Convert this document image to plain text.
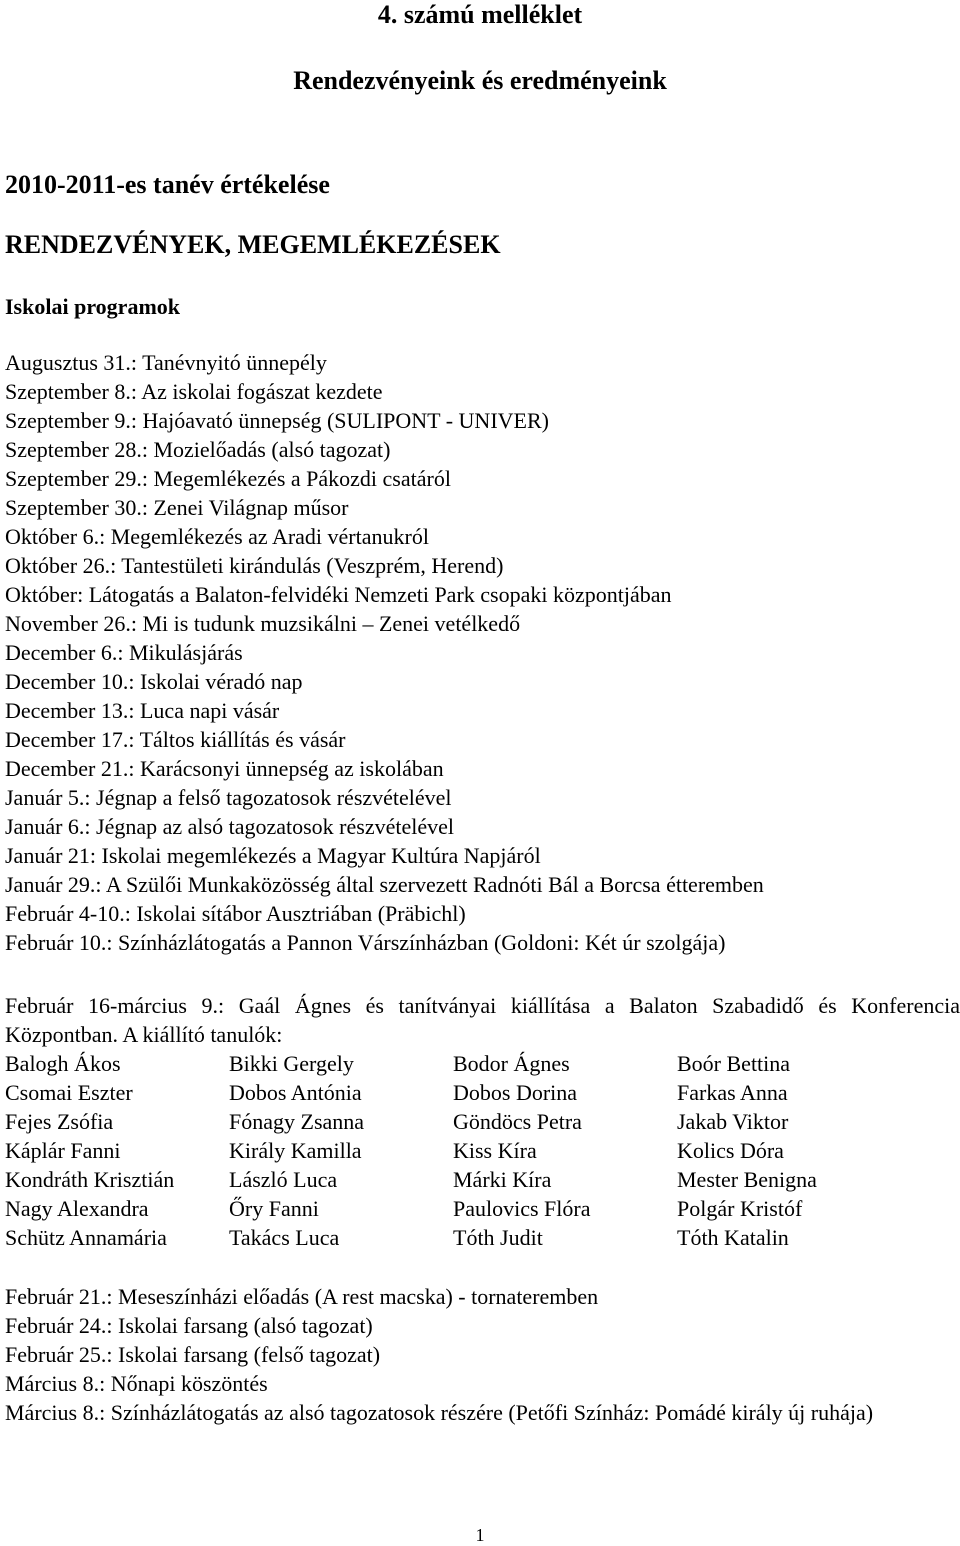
4. számú melléklet
Rendezvényeink és eredményeink
2010-2011-es tanév értékelése
RENDEZVÉNYEK, MEGEMLÉKEZÉSEK
Iskolai programok
Augusztus 31.: Tanévnyitó ünnepély
Szeptember 8.: Az iskolai fogászat kezdete
Szeptember 9.: Hajóavató ünnepség (SULIPONT - UNIVER)
Szeptember 28.: Mozielőadás (alsó tagozat)
Szeptember 29.: Megemlékezés a Pákozdi csatáról
Szeptember 30.: Zenei Világnap műsor
Október 6.: Megemlékezés az Aradi vértanukról
Október 26.: Tantestületi kirándulás (Veszprém, Herend)
Október: Látogatás a Balaton-felvidéki Nemzeti Park csopaki központjában
November 26.: Mi is tudunk muzsikálni – Zenei vetélkedő
December 6.: Mikulásjárás
December 10.: Iskolai véradó nap
December 13.: Luca napi vásár
December 17.: Táltos kiállítás és vásár
December 21.: Karácsonyi ünnepség az iskolában
Január 5.: Jégnap a felső tagozatosok részvételével
Január 6.: Jégnap az alsó tagozatosok részvételével
Január 21: Iskolai megemlékezés a Magyar Kultúra Napjáról
Január 29.: A Szülői Munkaközösség által szervezett Radnóti Bál a Borcsa étteremben
Február 4-10.: Iskolai sítábor Ausztriában (Präbichl)
Február 10.: Színházlátogatás a Pannon Várszínházban (Goldoni: Két úr szolgája)
Február 16-március 9.: Gaál Ágnes és tanítványai kiállítása a Balaton Szabadidő és Konferencia Központban. A kiállító tanulók:
Balogh Ákos	Bikki Gergely	Bodor Ágnes	Boór Bettina
Csomai Eszter	Dobos Antónia	Dobos Dorina	Farkas Anna
Fejes Zsófia	Fónagy Zsanna	Göndöcs Petra	Jakab Viktor
Káplár Fanni	Király Kamilla	Kiss Kíra	Kolics Dóra
Kondráth Krisztián	László Luca	Márki Kíra	Mester Benigna
Nagy Alexandra	Őry Fanni	Paulovics Flóra	Polgár Kristóf
Schütz Annamária	Takács Luca	Tóth Judit	Tóth Katalin
Február 21.: Meseszínházi előadás (A rest macska) - tornateremben
Február 24.: Iskolai farsang (alsó tagozat)
Február 25.: Iskolai farsang (felső tagozat)
Március 8.: Nőnapi köszöntés
Március 8.: Színházlátogatás az alsó tagozatosok részére (Petőfi Színház: Pomádé király új ruhája)
1
